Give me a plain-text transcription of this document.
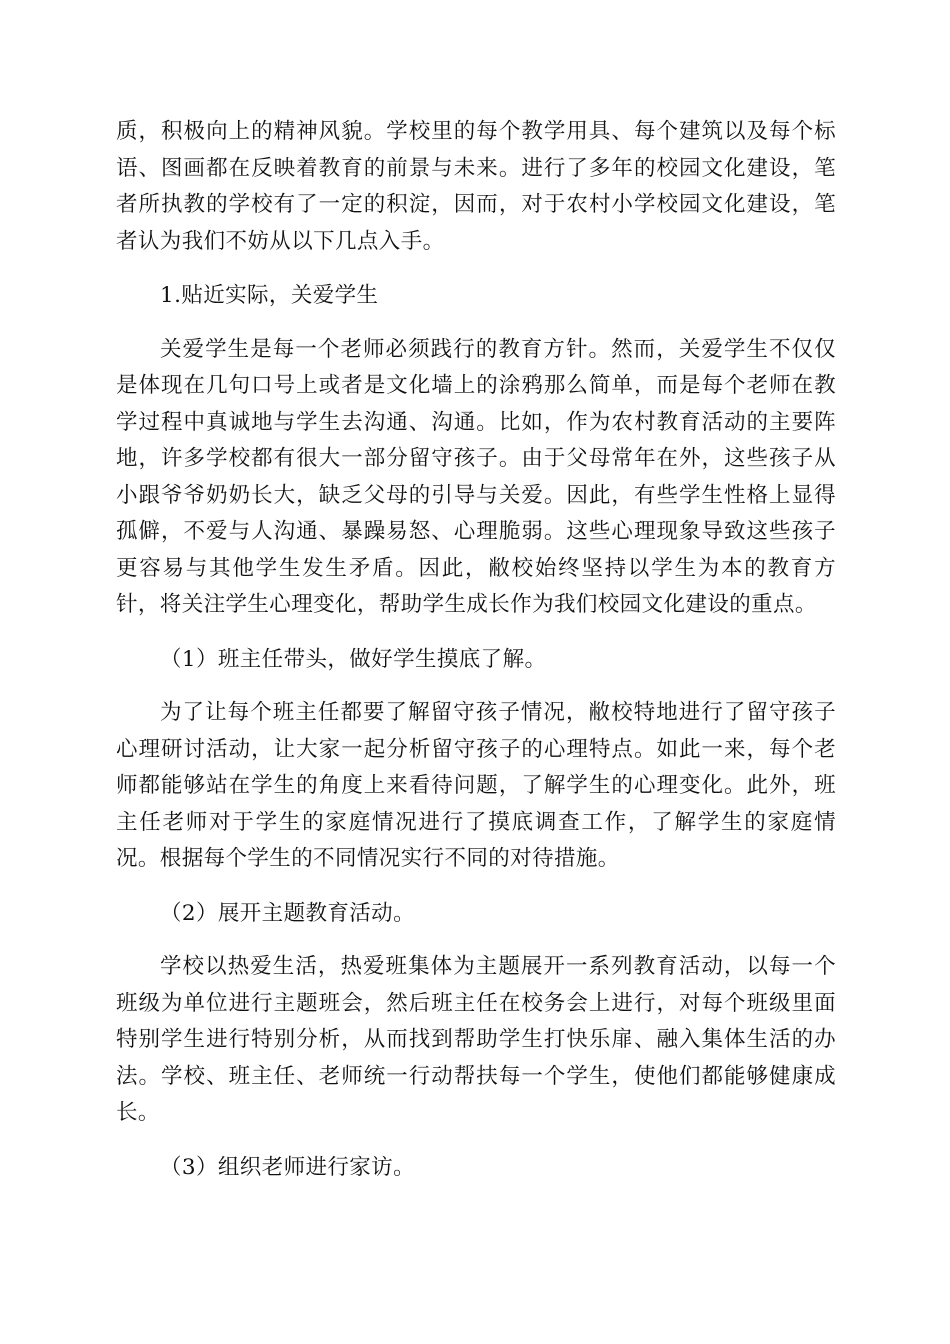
质，积极向上的精神风貌。学校里的每个教学用具、每个建筑以及每个标语、图画都在反映着教育的前景与未来。进行了多年的校园文化建设，笔者所执教的学校有了一定的积淀，因而，对于农村小学校园文化建设，笔者认为我们不妨从以下几点入手。

1.贴近实际，关爱学生

关爱学生是每一个老师必须践行的教育方针。然而，关爱学生不仅仅是体现在几句口号上或者是文化墙上的涂鸦那么简单，而是每个老师在教学过程中真诚地与学生去沟通、沟通。比如，作为农村教育活动的主要阵地，许多学校都有很大一部分留守孩子。由于父母常年在外，这些孩子从小跟爷爷奶奶长大，缺乏父母的引导与关爱。因此，有些学生性格上显得孤僻，不爱与人沟通、暴躁易怒、心理脆弱。这些心理现象导致这些孩子更容易与其他学生发生矛盾。因此，敝校始终坚持以学生为本的教育方针，将关注学生心理变化，帮助学生成长作为我们校园文化建设的重点。

（1）班主任带头，做好学生摸底了解。

为了让每个班主任都要了解留守孩子情况，敝校特地进行了留守孩子心理研讨活动，让大家一起分析留守孩子的心理特点。如此一来，每个老师都能够站在学生的角度上来看待问题，了解学生的心理变化。此外，班主任老师对于学生的家庭情况进行了摸底调查工作，了解学生的家庭情况。根据每个学生的不同情况实行不同的对待措施。

（2）展开主题教育活动。

学校以热爱生活，热爱班集体为主题展开一系列教育活动，以每一个班级为单位进行主题班会，然后班主任在校务会上进行，对每个班级里面特别学生进行特别分析，从而找到帮助学生打快乐扉、融入集体生活的办法。学校、班主任、老师统一行动帮扶每一个学生，使他们都能够健康成长。

（3）组织老师进行家访。
